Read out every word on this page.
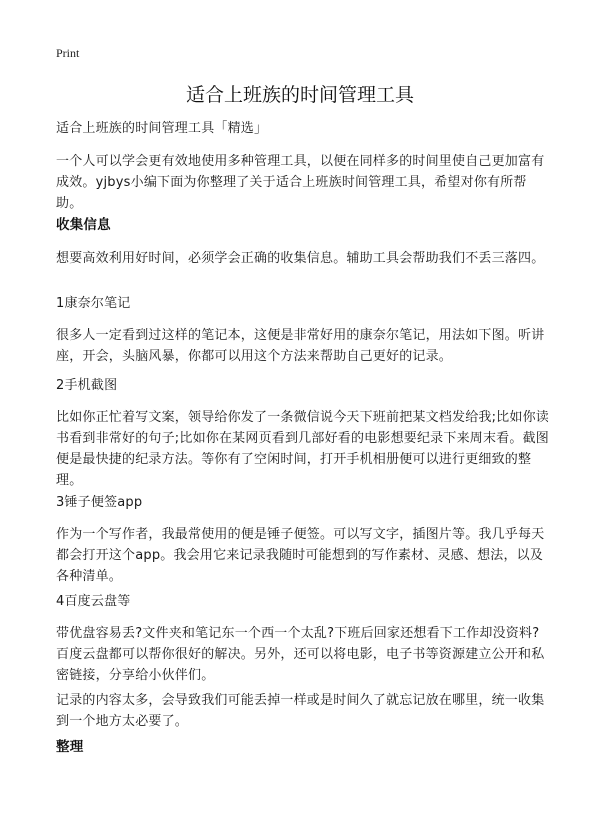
Print
适合上班族的时间管理工具

适合上班族的时间管理工具「精选」

一个人可以学会更有效地使用多种管理工具，以便在同样多的时间里使自己更加富有成效。yjbys小编下面为你整理了关于适合上班族时间管理工具，希望对你有所帮助。

收集信息

想要高效利用好时间，必须学会正确的收集信息。辅助工具会帮助我们不丢三落四。

1康奈尔笔记

很多人一定看到过这样的笔记本，这便是非常好用的康奈尔笔记，用法如下图。听讲座，开会，头脑风暴，你都可以用这个方法来帮助自己更好的记录。

2手机截图

比如你正忙着写文案，领导给你发了一条微信说今天下班前把某文档发给我;比如你读书看到非常好的句子;比如你在某网页看到几部好看的电影想要纪录下来周末看。截图便是最快捷的纪录方法。等你有了空闲时间，打开手机相册便可以进行更细致的整理。

3锤子便签app

作为一个写作者，我最常使用的便是锤子便签。可以写文字，插图片等。我几乎每天都会打开这个app。我会用它来记录我随时可能想到的写作素材、灵感、想法，以及各种清单。

4百度云盘等

带优盘容易丢?文件夹和笔记东一个西一个太乱?下班后回家还想看下工作却没资料?百度云盘都可以帮你很好的解决。另外，还可以将电影，电子书等资源建立公开和私密链接，分享给小伙伴们。

记录的内容太多，会导致我们可能丢掉一样或是时间久了就忘记放在哪里，统一收集到一个地方太必要了。

整理
